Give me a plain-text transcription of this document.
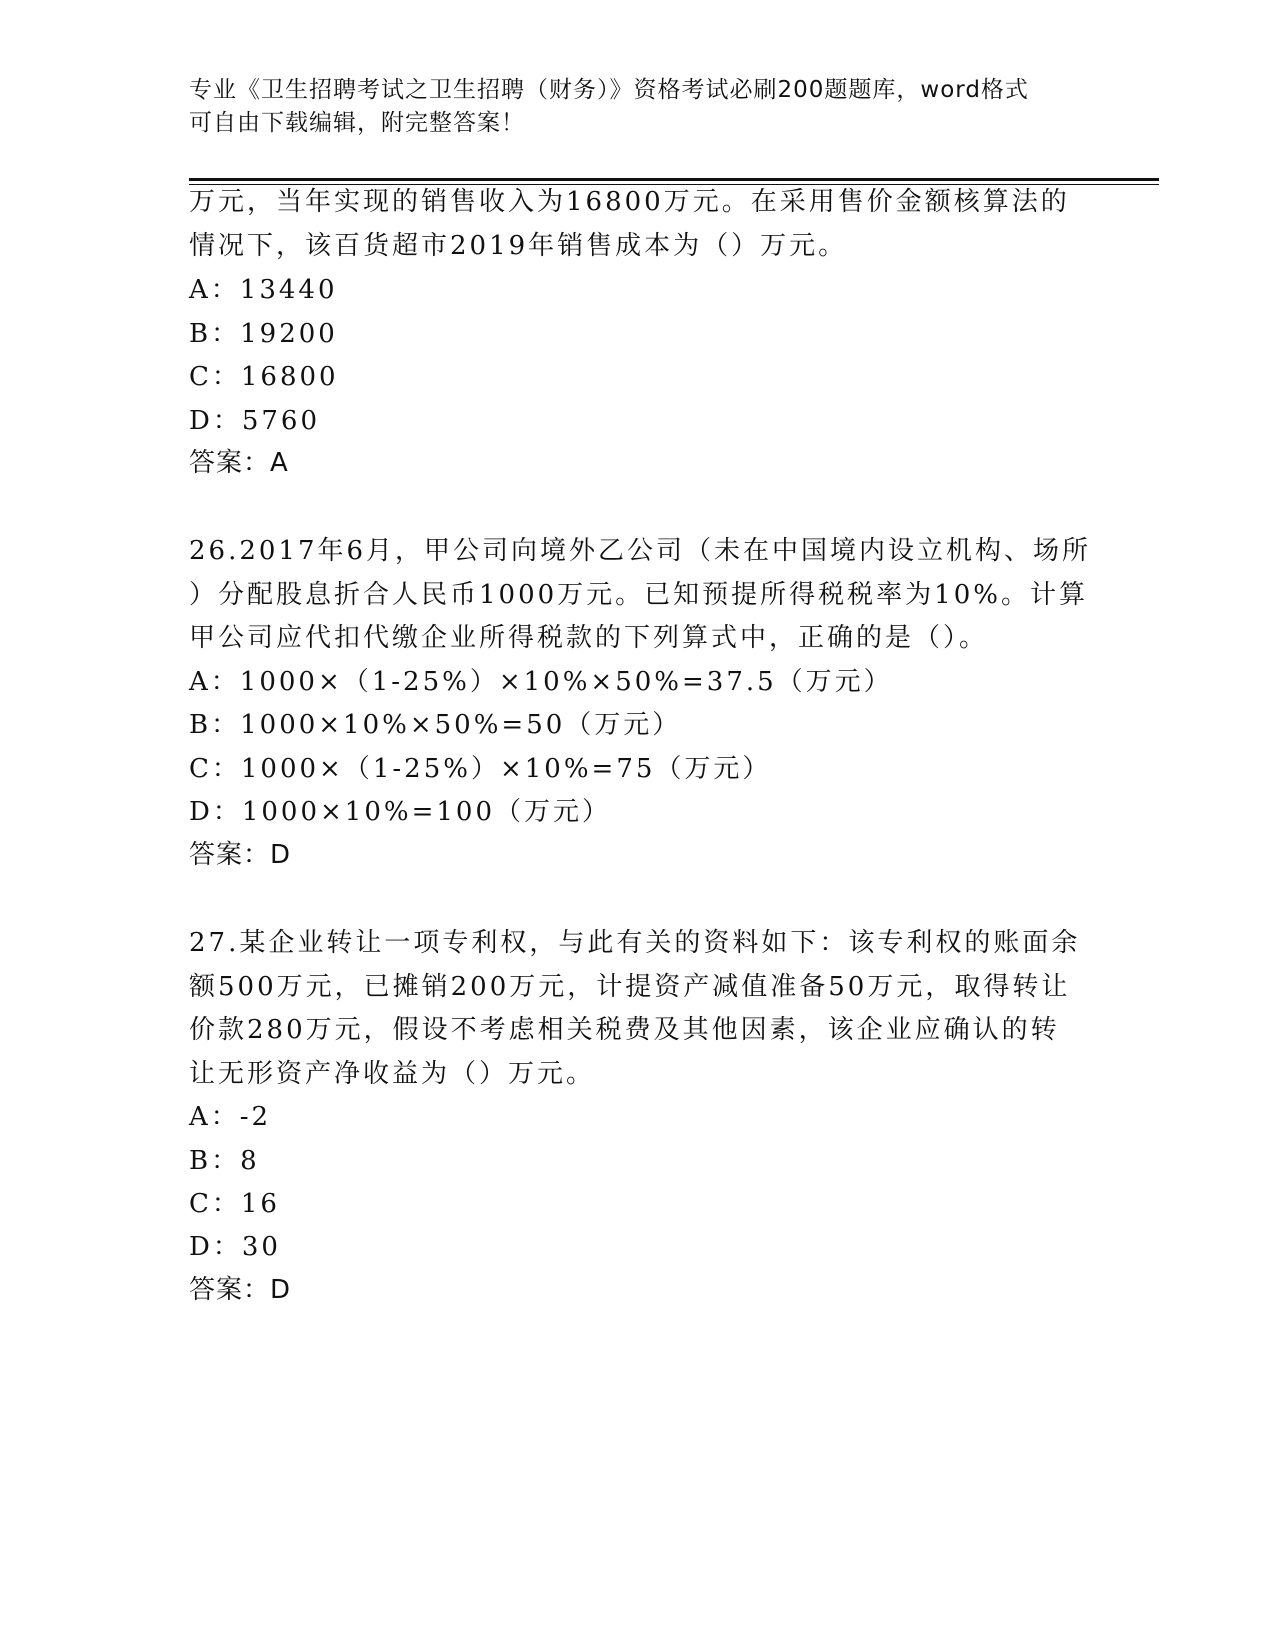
专业《卫生招聘考试之卫生招聘（财务）》资格考试必刷200题题库，word格式
可自由下载编辑，附完整答案！
万元，当年实现的销售收入为16800万元。在采用售价金额核算法的
情况下，该百货超市2019年销售成本为（）万元。
A：13440
B：19200
C：16800
D：5760
答案：A
26.2017年6月，甲公司向境外乙公司（未在中国境内设立机构、场所
）分配股息折合人民币1000万元。已知预提所得税税率为10%。计算
甲公司应代扣代缴企业所得税款的下列算式中，正确的是（）。
A：1000×（1-25%）×10%×50%=37.5（万元）
B：1000×10%×50%=50（万元）
C：1000×（1-25%）×10%=75（万元）
D：1000×10%=100（万元）
答案：D
27.某企业转让一项专利权，与此有关的资料如下：该专利权的账面余
额500万元，已摊销200万元，计提资产减值准备50万元，取得转让
价款280万元，假设不考虑相关税费及其他因素，该企业应确认的转
让无形资产净收益为（）万元。
A：-2
B：8
C：16
D：30
答案：D
